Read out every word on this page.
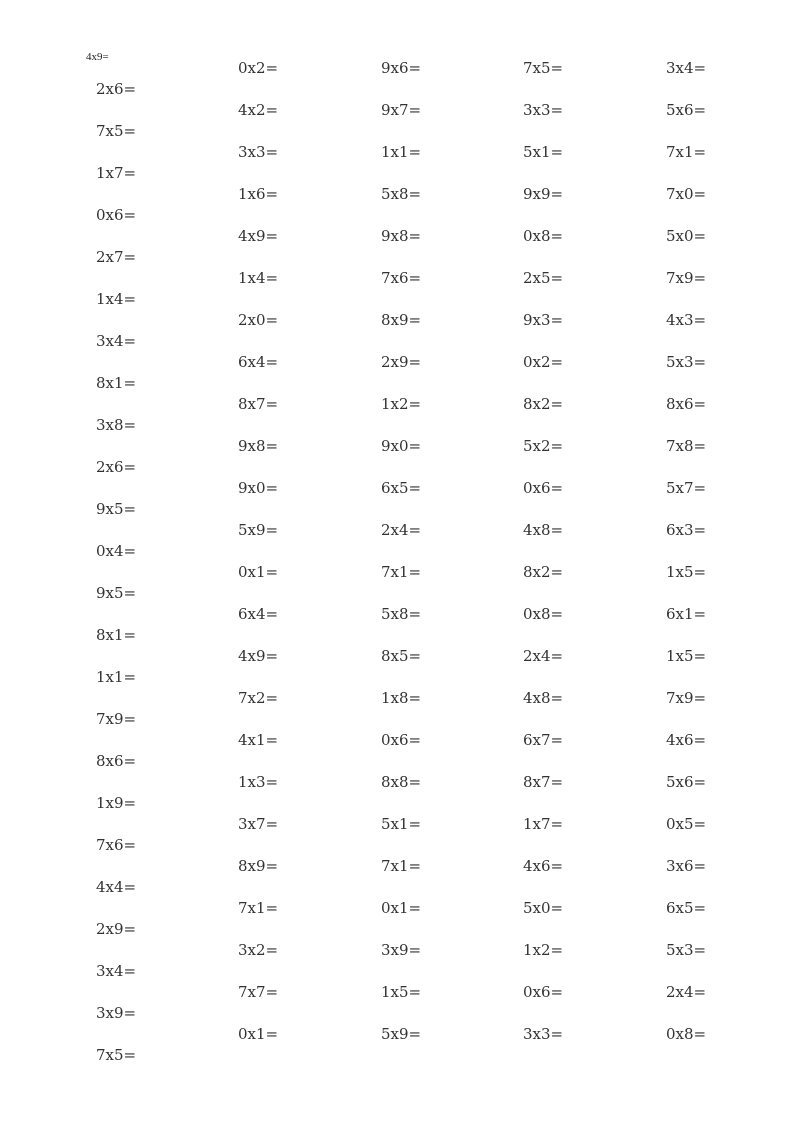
4x9=
2x6=
7x5=
1x7=
0x6=
2x7=
1x4=
3x4=
8x1=
3x8=
2x6=
9x5=
0x4=
9x5=
8x1=
1x1=
7x9=
8x6=
1x9=
7x6=
4x4=
2x9=
3x4=
3x9=
7x5=
0x2=
4x2=
3x3=
1x6=
4x9=
1x4=
2x0=
6x4=
8x7=
9x8=
9x0=
5x9=
0x1=
6x4=
4x9=
7x2=
4x1=
1x3=
3x7=
8x9=
7x1=
3x2=
7x7=
0x1=
9x6=
9x7=
1x1=
5x8=
9x8=
7x6=
8x9=
2x9=
1x2=
9x0=
6x5=
2x4=
7x1=
5x8=
8x5=
1x8=
0x6=
8x8=
5x1=
7x1=
0x1=
3x9=
1x5=
5x9=
7x5=
3x3=
5x1=
9x9=
0x8=
2x5=
9x3=
0x2=
8x2=
5x2=
0x6=
4x8=
8x2=
0x8=
2x4=
4x8=
6x7=
8x7=
1x7=
4x6=
5x0=
1x2=
0x6=
3x3=
3x4=
5x6=
7x1=
7x0=
5x0=
7x9=
4x3=
5x3=
8x6=
7x8=
5x7=
6x3=
1x5=
6x1=
1x5=
7x9=
4x6=
5x6=
0x5=
3x6=
6x5=
5x3=
2x4=
0x8=
